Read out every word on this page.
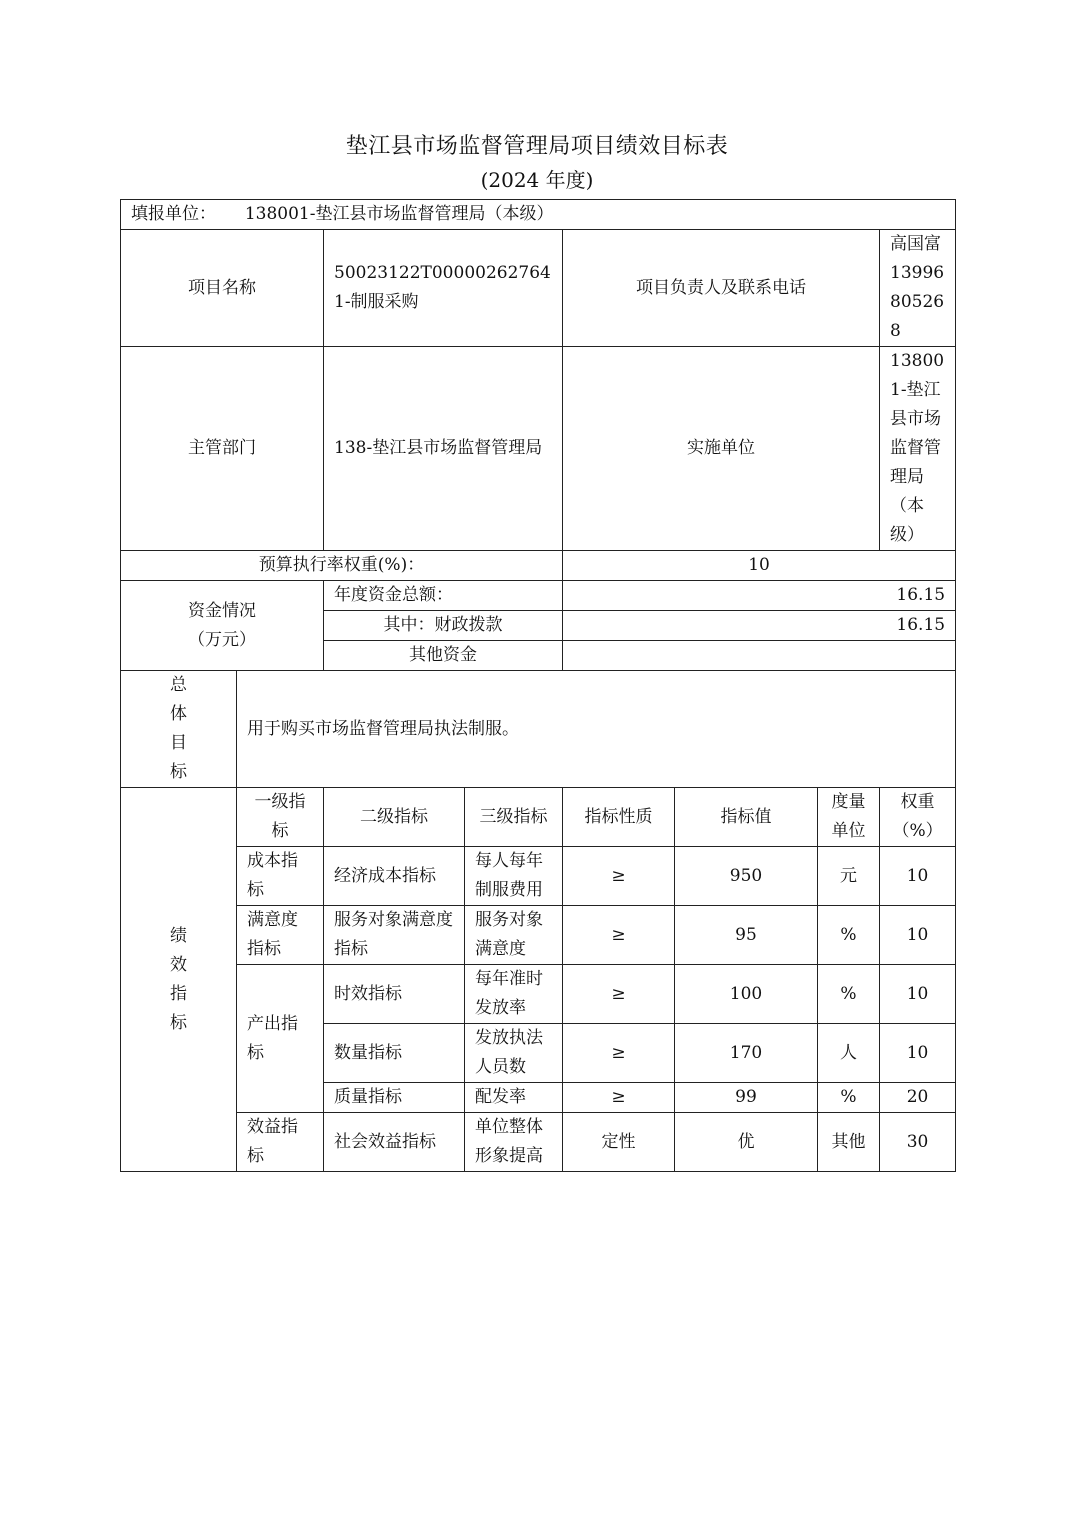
垫江县市场监督管理局项目绩效目标表
(2024 年度)
填报单位： 138001-垫江县市场监督管理局（本级）							
项目名称		50023122T000002627641-制服采购		项目负责人及联系电话			高国富
13996805268

主管部门		138-垫江县市场监督管理局		实施单位			138001-垫江县市场监督管理局（本级）
预算执行率权重(%)：				10			

资金情况
（万元）		年度资金总额：		16.15			
		其中：财政拨款		16.15			
		其他资金					

总
体
目
标	用于购买市场监督管理局执法制服。						

绩
效
指
标	一级指标	二级指标	三级指标	指标性质	指标值	度量单位	权重（%）
	成本指标	经济成本指标	每人每年制服费用	≥	950	元	10
	满意度指标	服务对象满意度指标	服务对象满意度	≥	95	%	10
	产出指标	时效指标	每年准时发放率	≥	100	%	10
		数量指标	发放执法人员数	≥	170	人	10
		质量指标	配发率	≥	99	%	20
	效益指标	社会效益指标	单位整体形象提高	定性	优	其他	30
